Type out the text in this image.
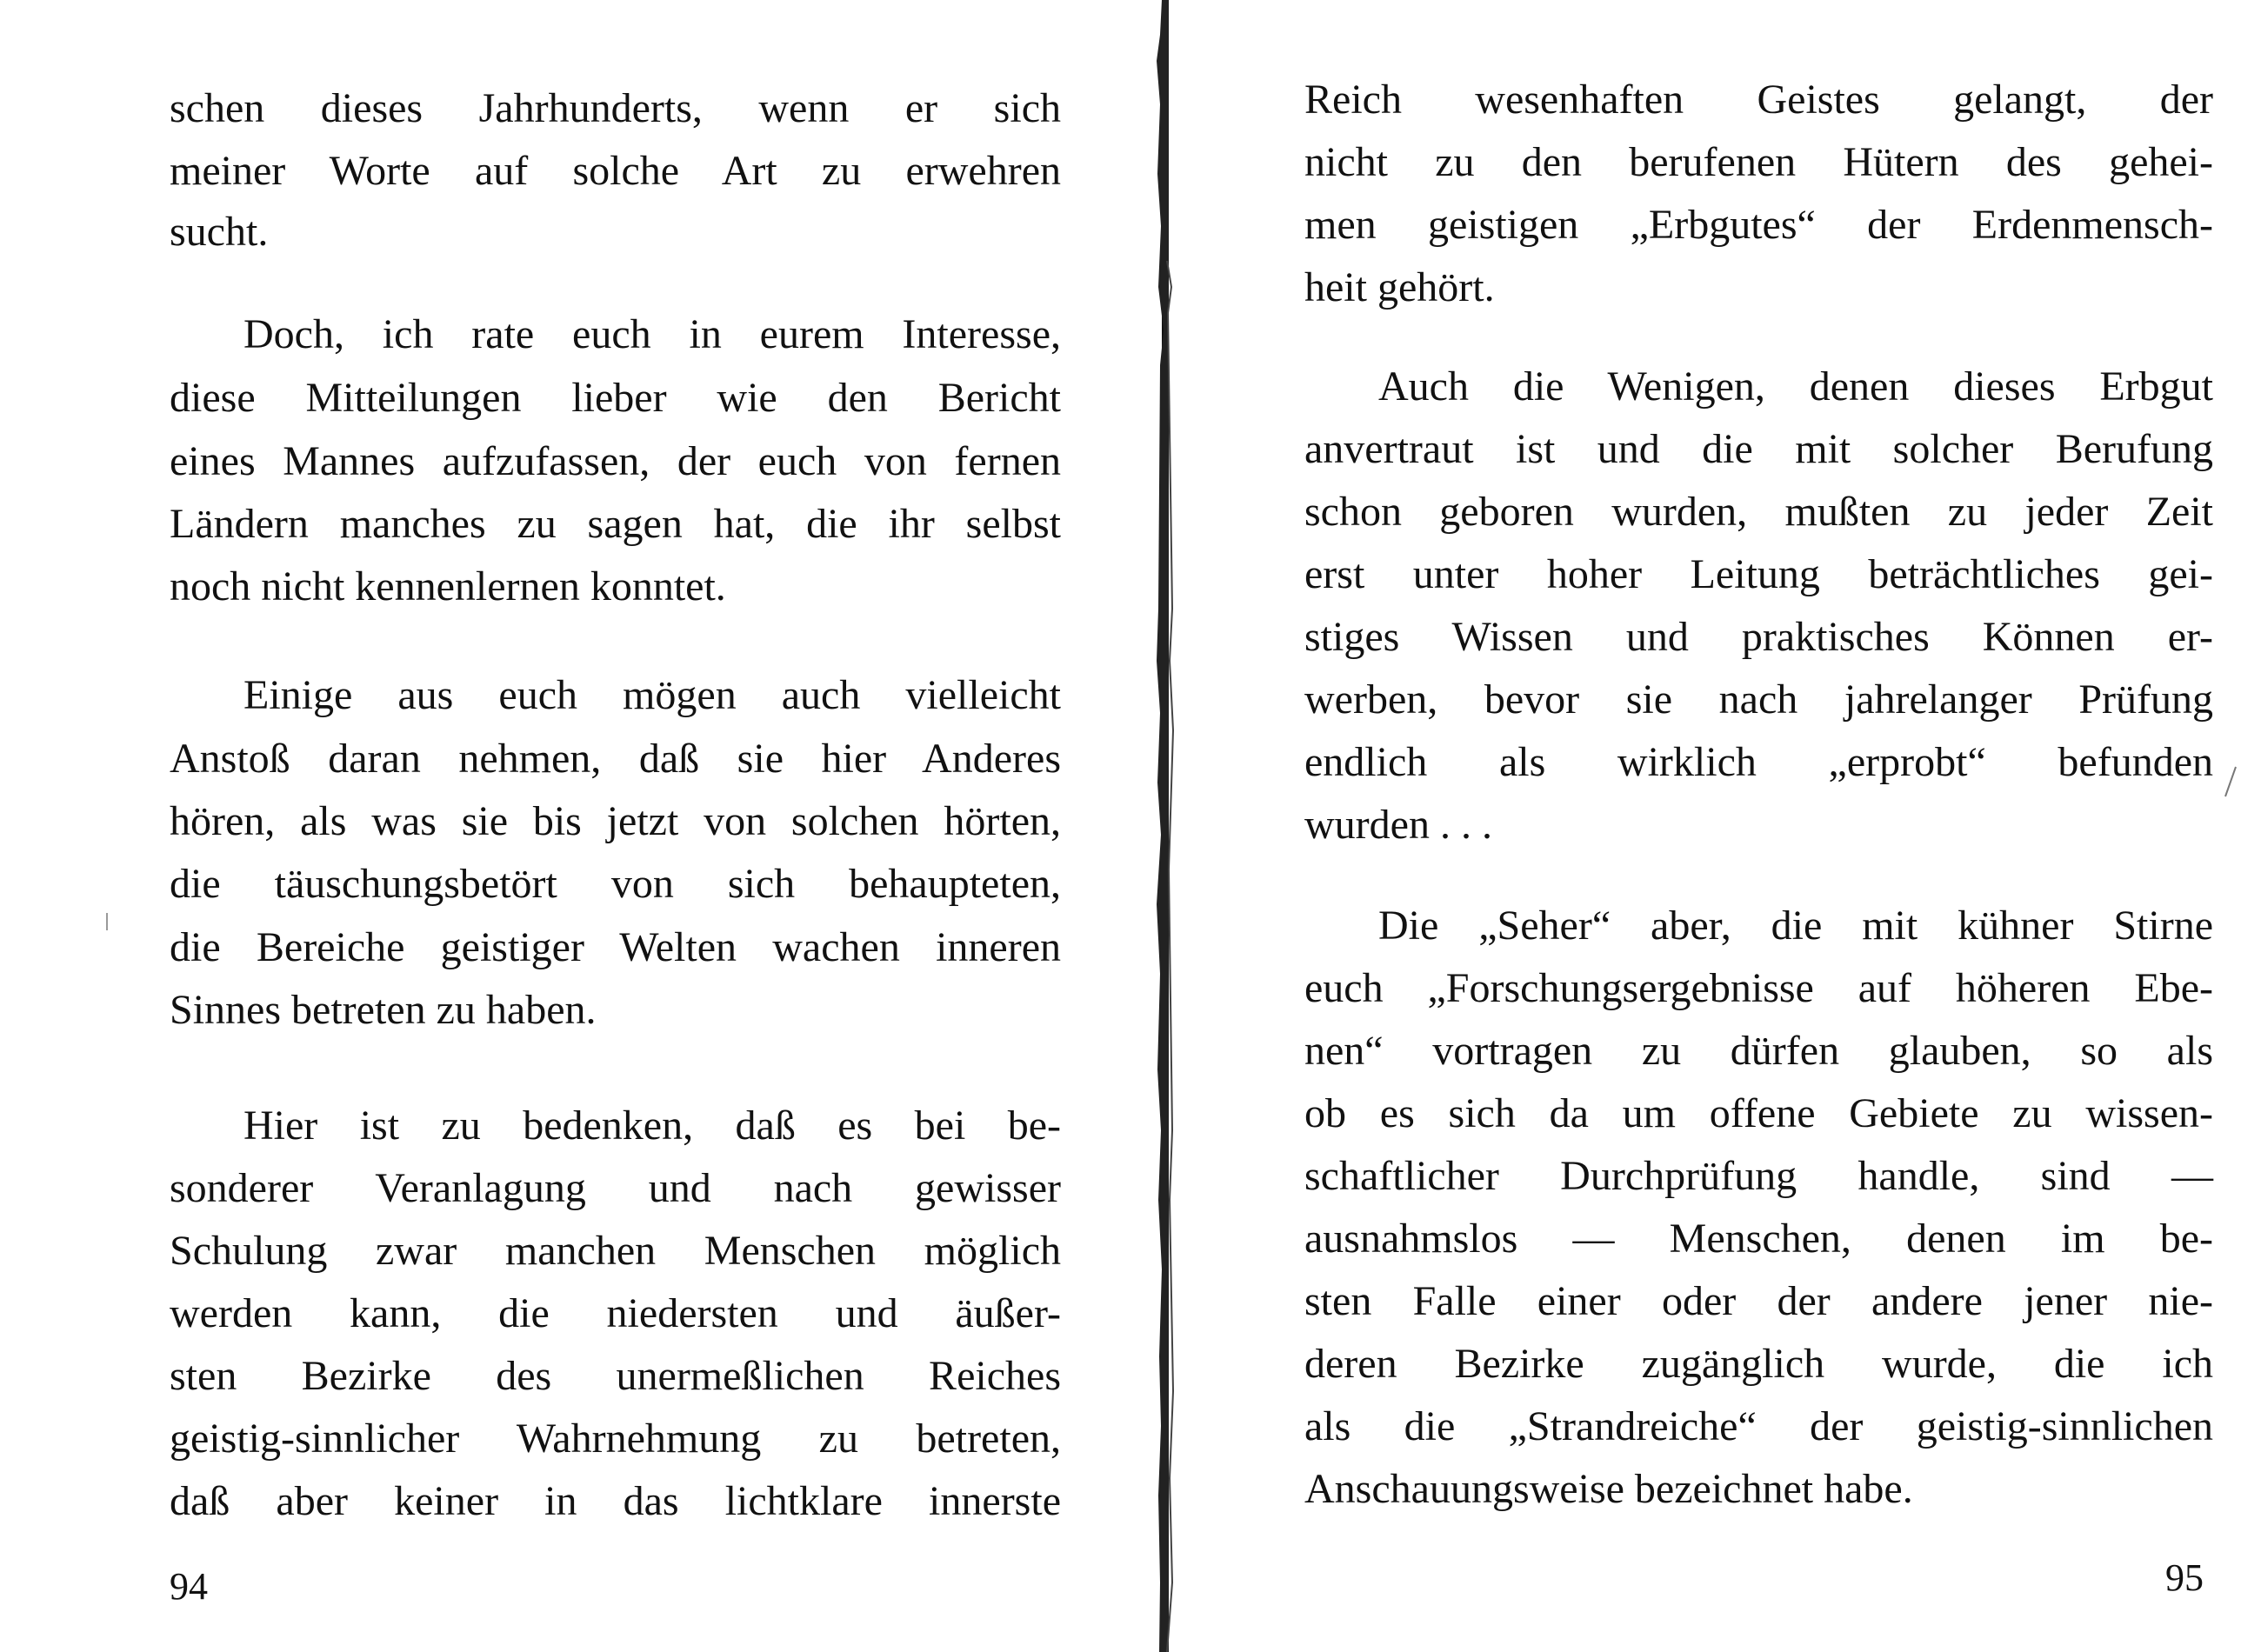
schen dieses Jahrhunderts, wenn er sich
meiner Worte auf solche Art zu erwehren
sucht.
Doch, ich rate euch in eurem Interesse,
diese Mitteilungen lieber wie den Bericht
eines Mannes aufzufassen, der euch von fernen
Ländern manches zu sagen hat, die ihr selbst
noch nicht kennenlernen konntet.
Einige aus euch mögen auch vielleicht
Anstoß daran nehmen, daß sie hier Anderes
hören, als was sie bis jetzt von solchen hörten,
die täuschungsbetört von sich behaupteten,
die Bereiche geistiger Welten wachen inneren
Sinnes betreten zu haben.
Hier ist zu bedenken, daß es bei be-
sonderer Veranlagung und nach gewisser
Schulung zwar manchen Menschen möglich
werden kann, die niedersten und äußer-
sten Bezirke des unermeßlichen Reiches
geistig-sinnlicher Wahrnehmung zu betreten,
daß aber keiner in das lichtklare innerste
94
Reich wesenhaften Geistes gelangt, der
nicht zu den berufenen Hütern des gehei-
men geistigen „Erbgutes“ der Erdenmensch-
heit gehört.
Auch die Wenigen, denen dieses Erbgut
anvertraut ist und die mit solcher Berufung
schon geboren wurden, mußten zu jeder Zeit
erst unter hoher Leitung beträchtliches gei-
stiges Wissen und praktisches Können er-
werben, bevor sie nach jahrelanger Prüfung
endlich als wirklich „erprobt“ befunden
wurden . . .
Die „Seher“ aber, die mit kühner Stirne
euch „Forschungsergebnisse auf höheren Ebe-
nen“ vortragen zu dürfen glauben, so als
ob es sich da um offene Gebiete zu wissen-
schaftlicher Durchprüfung handle, sind —
ausnahmslos — Menschen, denen im be-
sten Falle einer oder der andere jener nie-
deren Bezirke zugänglich wurde, die ich
als die „Strandreiche“ der geistig-sinnlichen
Anschauungsweise bezeichnet habe.
95
